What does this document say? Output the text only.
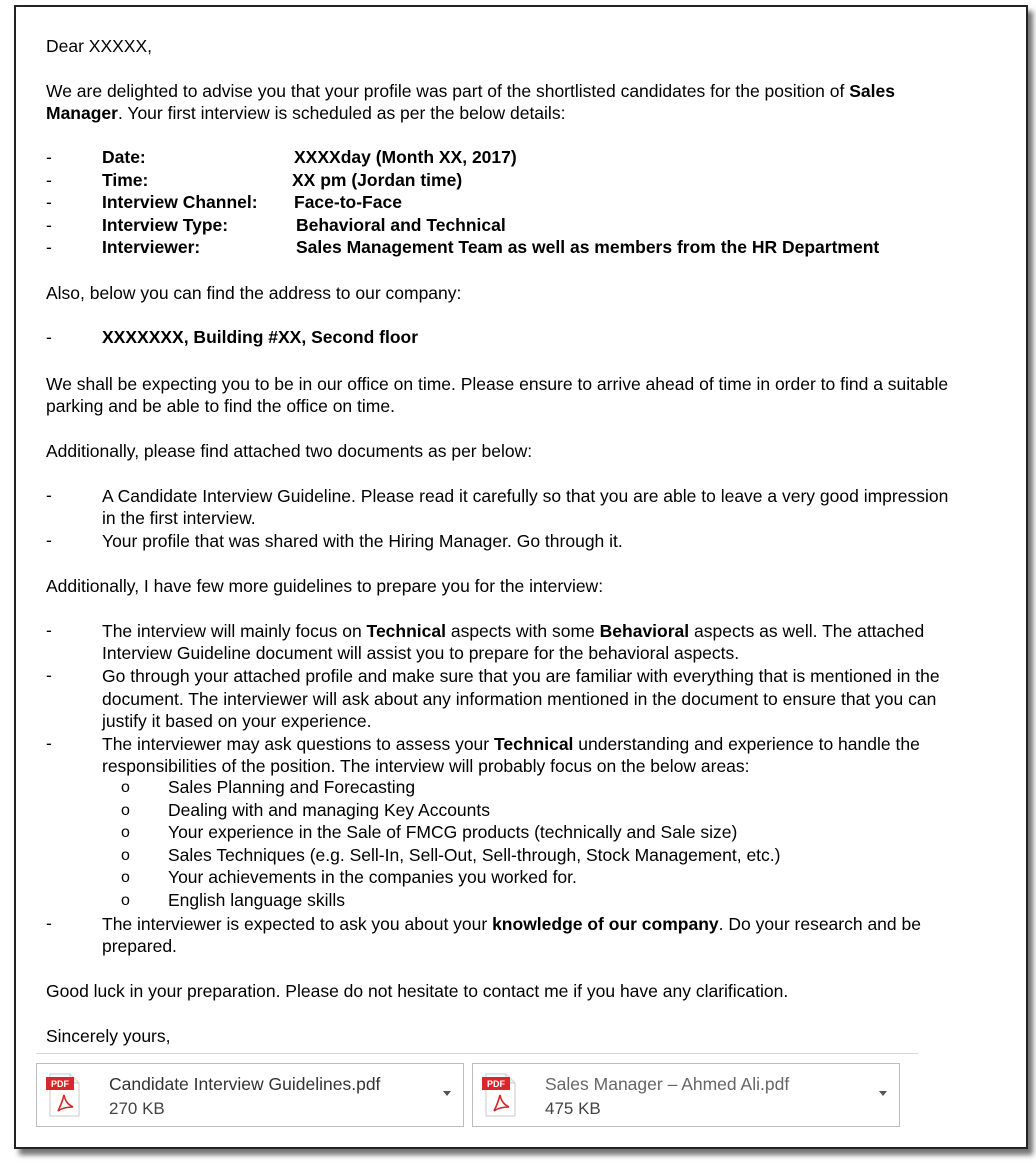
Dear XXXXX,
We are delighted to advise you that your profile was part of the shortlisted candidates for the position of Sales
Manager. Your first interview is scheduled as per the below details:
-	Date:	XXXXday (Month XX, 2017)
-	Time:	XX pm (Jordan time)
-	Interview Channel: Face-to-Face
-	Interview Type:	Behavioral and Technical
-	Interviewer:	Sales Management Team as well as members from the HR Department
Also, below you can find the address to our company:
-	XXXXXXX, Building #XX, Second floor
We shall be expecting you to be in our office on time. Please ensure to arrive ahead of time in order to find a suitable
parking and be able to find the office on time.
Additionally, please find attached two documents as per below:
-	A Candidate Interview Guideline. Please read it carefully so that you are able to leave a very good impression
in the first interview.
-	Your profile that was shared with the Hiring Manager. Go through it.
Additionally, I have few more guidelines to prepare you for the interview:
-	The interview will mainly focus on Technical aspects with some Behavioral aspects as well. The attached
Interview Guideline document will assist you to prepare for the behavioral aspects.
-	Go through your attached profile and make sure that you are familiar with everything that is mentioned in the
document. The interviewer will ask about any information mentioned in the document to ensure that you can
justify it based on your experience.
-	The interviewer may ask questions to assess your Technical understanding and experience to handle the
responsibilities of the position. The interview will probably focus on the below areas:
o Sales Planning and Forecasting
o Dealing with and managing Key Accounts
o Your experience in the Sale of FMCG products (technically and Sale size)
o Sales Techniques (e.g. Sell-In, Sell-Out, Sell-through, Stock Management, etc.)
o Your achievements in the companies you worked for.
o English language skills
-	The interviewer is expected to ask you about your knowledge of our company. Do your research and be
prepared.
Good luck in your preparation. Please do not hesitate to contact me if you have any clarification.
Sincerely yours,
PDF Candidate Interview Guidelines.pdf
270 KB
PDF Sales Manager – Ahmed Ali.pdf
475 KB
